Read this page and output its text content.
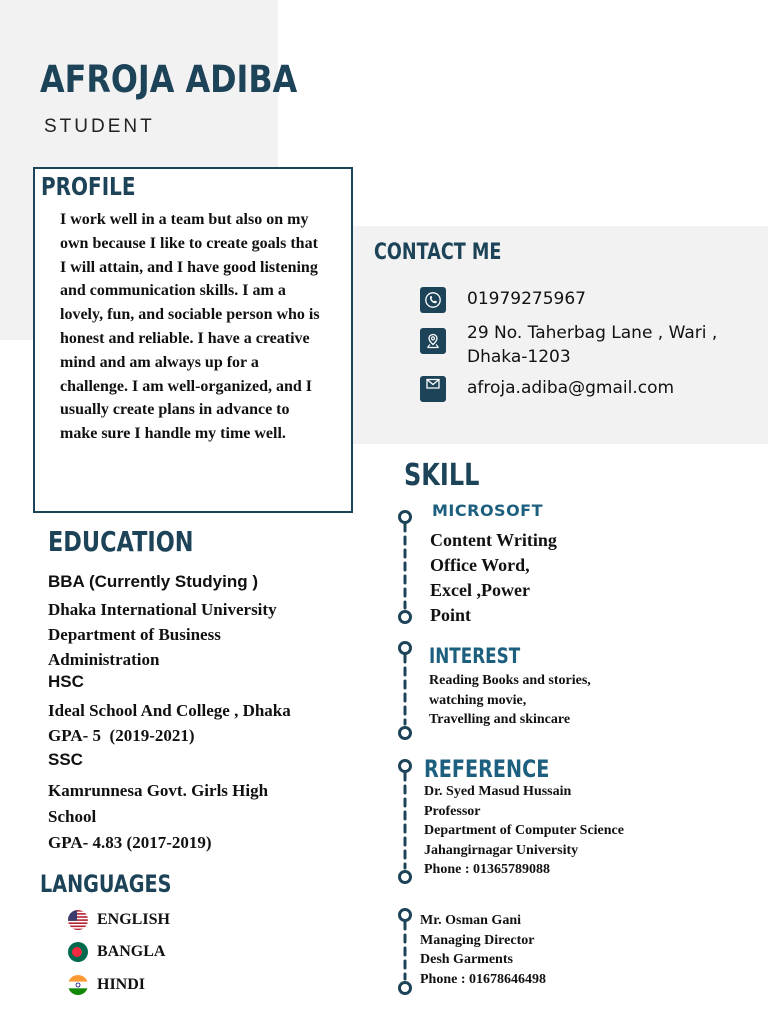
AFROJA ADIBA
STUDENT
PROFILE
I work well in a team but also on my own because I like to create goals that I will attain, and I have good listening and communication skills. I am a lovely, fun, and sociable person who is honest and reliable. I have a creative mind and am always up for a challenge. I am well-organized, and I usually create plans in advance to make sure I handle my time well.
CONTACT ME
01979275967
29 No. Taherbag Lane , Wari , Dhaka-1203
afroja.adiba@gmail.com
EDUCATION
BBA (Currently Studying )
Dhaka International University
Department of Business
Administration
HSC
Ideal School And College , Dhaka
GPA- 5  (2019-2021)
SSC
Kamrunnesa Govt. Girls High
School
GPA- 4.83 (2017-2019)
LANGUAGES
ENGLISH
BANGLA
HINDI
SKILL
MICROSOFT
Content Writing
Office Word,
Excel ,Power
Point
INTEREST
Reading Books and stories,
watching movie,
Travelling and skincare
REFERENCE
Dr. Syed Masud Hussain
Professor
Department of Computer Science
Jahangirnagar University
Phone : 01365789088
Mr. Osman Gani
Managing Director
Desh Garments
Phone : 01678646498
